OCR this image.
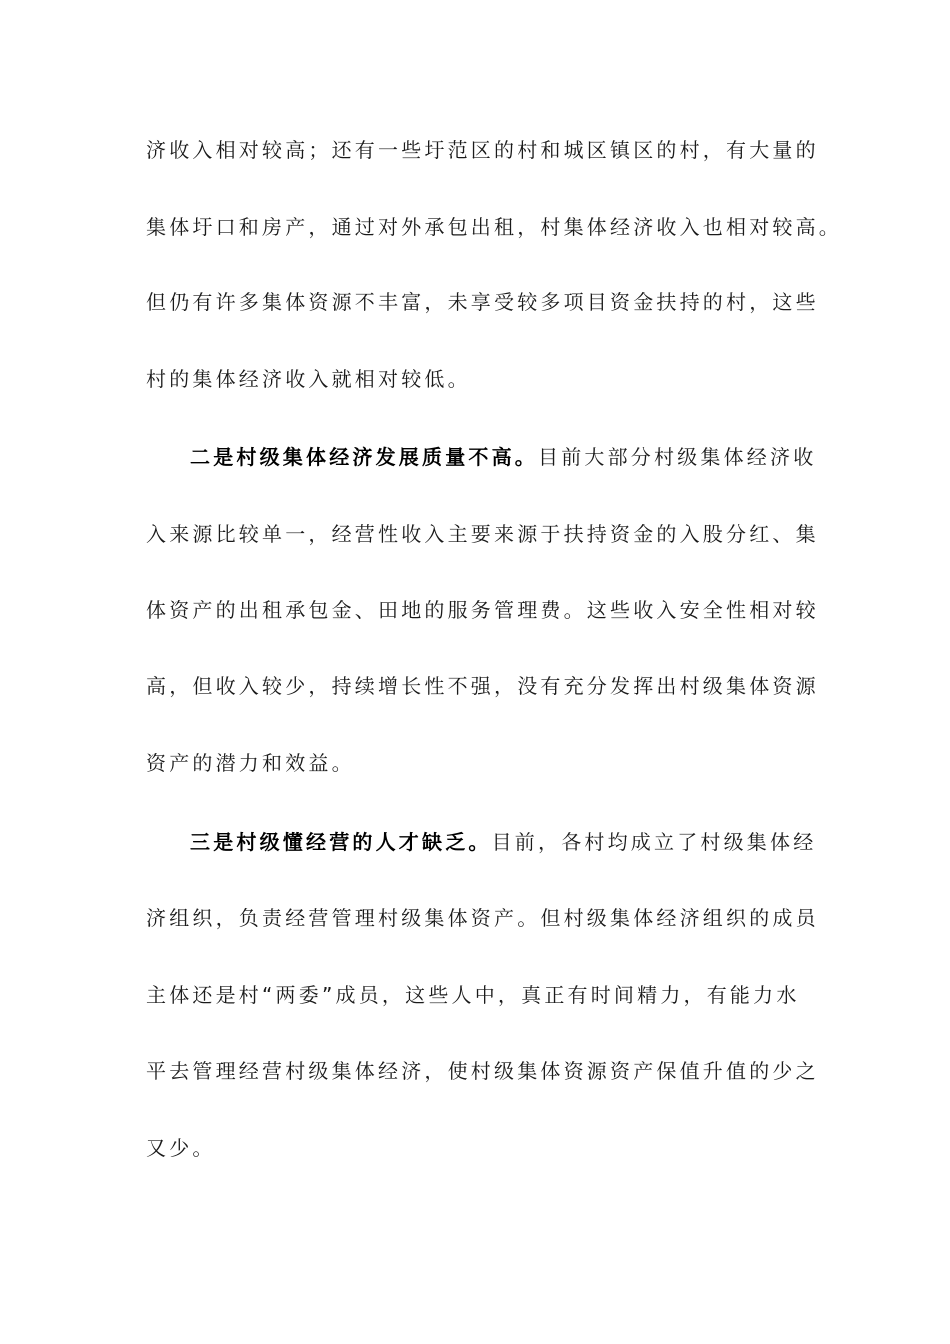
济收入相对较高；还有一些圩范区的村和城区镇区的村，有大量的
集体圩口和房产，通过对外承包出租，村集体经济收入也相对较高。
但仍有许多集体资源不丰富，未享受较多项目资金扶持的村，这些
村的集体经济收入就相对较低。
二是村级集体经济发展质量不高。目前大部分村级集体经济收
入来源比较单一，经营性收入主要来源于扶持资金的入股分红、集
体资产的出租承包金、田地的服务管理费。这些收入安全性相对较
高，但收入较少，持续增长性不强，没有充分发挥出村级集体资源
资产的潜力和效益。
三是村级懂经营的人才缺乏。目前，各村均成立了村级集体经
济组织，负责经营管理村级集体资产。但村级集体经济组织的成员
主体还是村“两委”成员，这些人中，真正有时间精力，有能力水
平去管理经营村级集体经济，使村级集体资源资产保值升值的少之
又少。
